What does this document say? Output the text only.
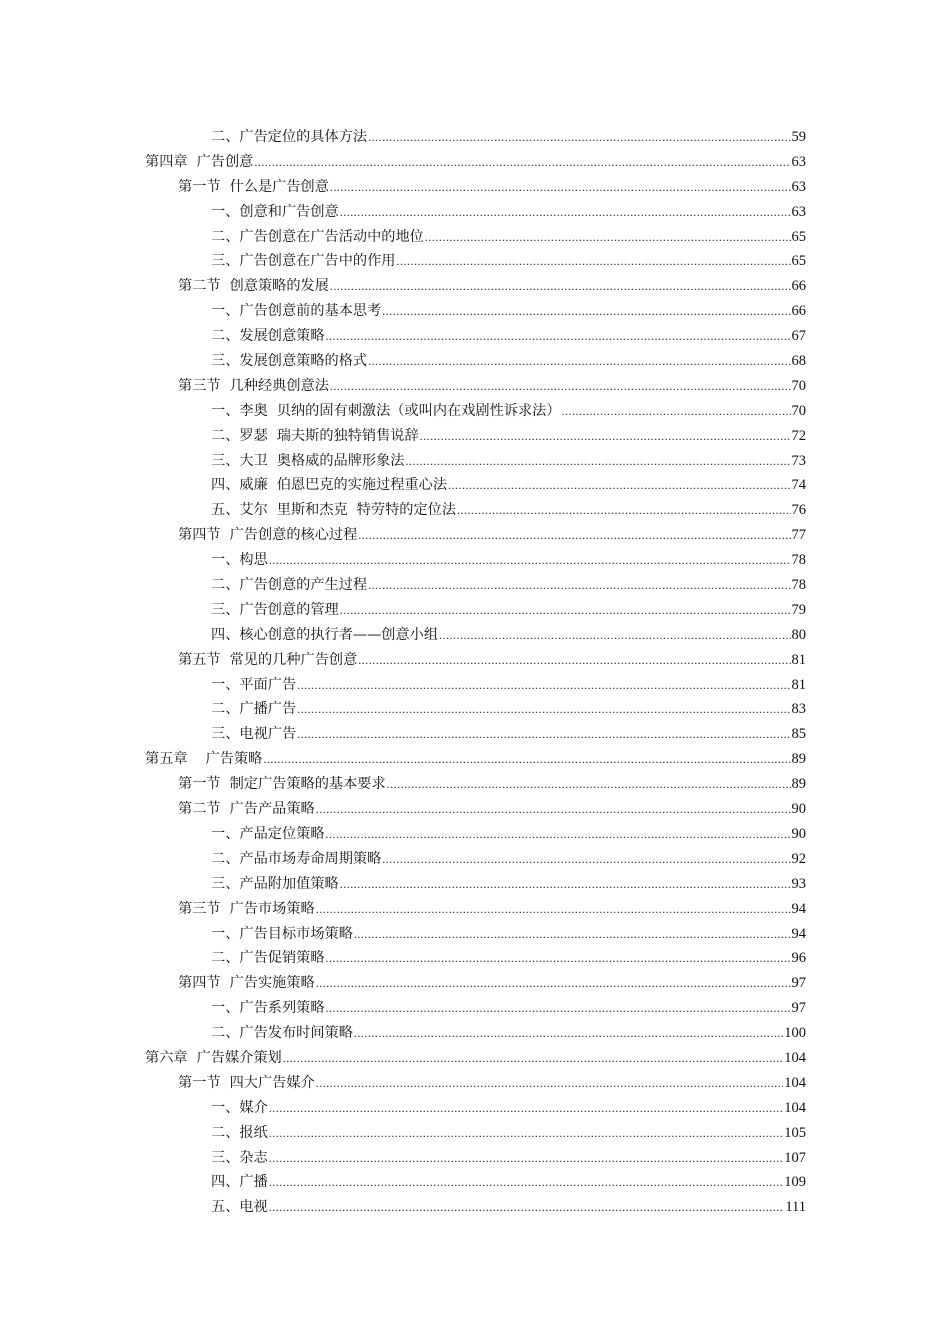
二、广告定位的具体方法 .....	59
第四章  广告创意 .....	63
第一节  什么是广告创意 .....	63
一、创意和广告创意 .....	63
二、广告创意在广告活动中的地位 .....	65
三、广告创意在广告中的作用 .....	65
第二节  创意策略的发展 .....	66
一、广告创意前的基本思考 .....	66
二、发展创意策略 .....	67
三、发展创意策略的格式 .....	68
第三节  几种经典创意法 .....	70
一、李奥  贝纳的固有刺激法（或叫内在戏剧性诉求法） .....	70
二、罗瑟  瑞夫斯的独特销售说辞 .....	72
三、大卫  奥格威的品牌形象法 .....	73
四、威廉  伯恩巴克的实施过程重心法 .....	74
五、艾尔  里斯和杰克  特劳特的定位法 .....	76
第四节  广告创意的核心过程 .....	77
一、构思 .....	78
二、广告创意的产生过程 .....	78
三、广告创意的管理 .....	79
四、核心创意的执行者——创意小组 .....	80
第五节  常见的几种广告创意 .....	81
一、平面广告 .....	81
二、广播广告 .....	83
三、电视广告 .....	85
第五章    广告策略 .....	89
第一节  制定广告策略的基本要求 .....	89
第二节  广告产品策略 .....	90
一、产品定位策略 .....	90
二、产品市场寿命周期策略 .....	92
三、产品附加值策略 .....	93
第三节  广告市场策略 .....	94
一、广告目标市场策略 .....	94
二、广告促销策略 .....	96
第四节  广告实施策略 .....	97
一、广告系列策略 .....	97
二、广告发布时间策略 .....	100
第六章  广告媒介策划 .....	104
第一节  四大广告媒介 .....	104
一、媒介 .....	104
二、报纸 .....	105
三、杂志 .....	107
四、广播 .....	109
五、电视 .....	111
